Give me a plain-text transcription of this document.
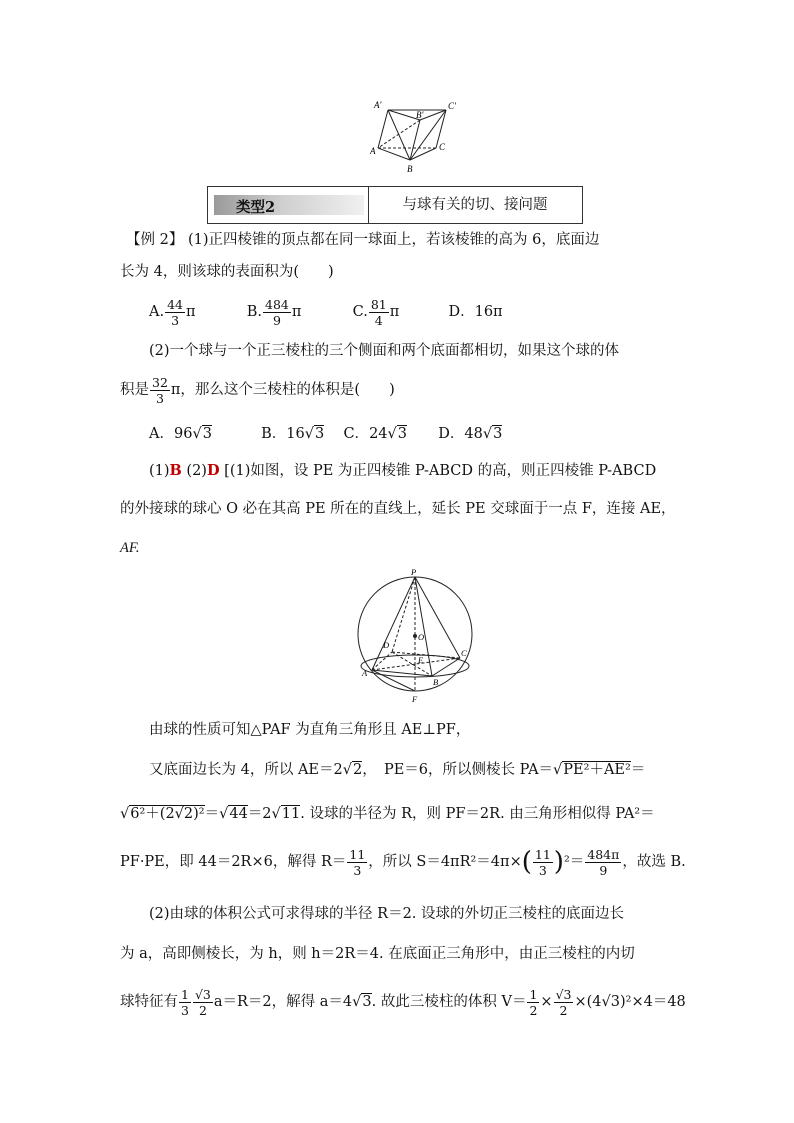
A'
B'
C'
A	C
B
类型2	与球有关的切、接问题
【例 2】 (1)正四棱锥的顶点都在同一球面上，若该棱锥的高为 6，底面边
长为 4，则该球的表面积为(　　)
A. $\frac{44}{3}$ π	B. $\frac{484}{9}$ π	C. $\frac{81}{4}$ π	D．16π
(2)一个球与一个正三棱柱的三个侧面和两个底面都相切，如果这个球的体
积是 $\frac{32}{3}$ π，那么这个三棱柱的体积是(　　)
A．96√3	B．16√3 C．24√3 D．48√3
(1)B (2)D [(1)如图，设 PE 为正四棱锥 P-ABCD 的高，则正四棱锥 P-ABCD
的外接球的球心 O 必在其高 PE 所在的直线上，延长 PE 交球面于一点 F，连接 AE，
AF.
P
O
D
C
E
A
B
F
由球的性质可知△PAF 为直角三角形且 AE⊥PF，
又底面边长为 4，所以 AE＝2√2，　PE＝6，所以侧棱长 PA＝√PE²＋AE²＝
√6²＋(2√2)²＝√44＝2√11. 设球的半径为 R，则 PF＝2R. 由三角形相似得 PA²＝
PF·PE，即 44＝2R×6，解得 $R= \frac{11}{3}$ ，所以 $S=4\pi R^2=4\pi\times( \frac{11}{3} )^2= \frac{484\pi}{9}$ ，故选 B.
(2)由球的体积公式可求得球的半径 R＝2. 设球的外切正三棱柱的底面边长
为 a，高即侧棱长，为 h，则 h＝2R＝4. 在底面正三角形中，由正三棱柱的内切
球特征有 $\frac{1}{3} \frac{√3}{2} a=R=2$，解得 a＝4√3. 故此三棱柱的体积 $V= \frac{1}{2} \times \frac{√3}{2} \times(4√3)^2\times 4=48$
